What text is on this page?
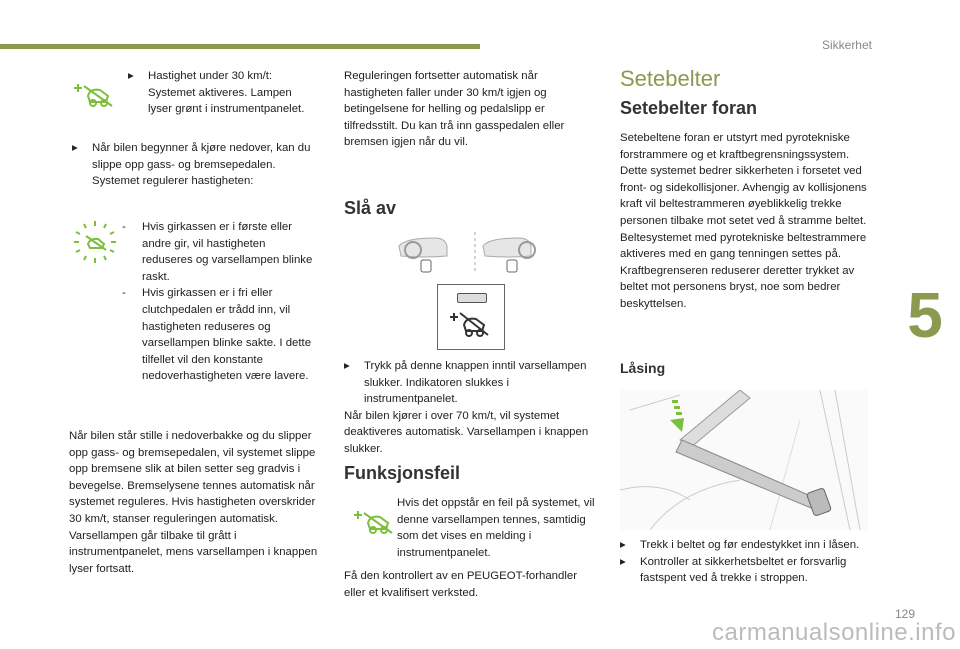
Sikkerhet
5
129
▸	Hastighet under 30 km/t:
Systemet aktiveres. Lampen lyser grønt i instrumentpanelet.
▸	Når bilen begynner å kjøre nedover, kan du slippe opp gass- og bremsepedalen. Systemet regulerer hastigheten:
-	Hvis girkassen er i første eller andre gir, vil hastigheten reduseres og varsellampen blinke raskt.
-	Hvis girkassen er i fri eller clutchpedalen er trådd inn, vil hastigheten reduseres og varsellampen blinke sakte. I dette tilfellet vil den konstante nedoverhastigheten være lavere.
Når bilen står stille i nedoverbakke og du slipper opp gass- og bremsepedalen, vil systemet slippe opp bremsene slik at bilen setter seg gradvis i bevegelse. Bremselysene tennes automatisk når systemet reguleres. Hvis hastigheten overskrider 30 km/t, stanser reguleringen automatisk. Varsellampen går tilbake til grått i instrumentpanelet, mens varsellampen i knappen lyser fortsatt.
Reguleringen fortsetter automatisk når hastigheten faller under 30 km/t igjen og betingelsene for helling og pedalslipp er tilfredsstilt. Du kan trå inn gasspedalen eller bremsen igjen når du vil.
Slå av
▸	Trykk på denne knappen inntil varsellampen slukker. Indikatoren slukkes i instrumentpanelet.
Når bilen kjører i over 70 km/t, vil systemet deaktiveres automatisk. Varsellampen i knappen slukker.
Funksjonsfeil
Hvis det oppstår en feil på systemet, vil denne varsellampen tennes, samtidig som det vises en melding i instrumentpanelet.
Få den kontrollert av en PEUGEOT-forhandler eller et kvalifisert verksted.
Setebelter
Setebelter foran
Setebeltene foran er utstyrt med pyrotekniske forstrammere og et kraftbegrensningssystem. Dette systemet bedrer sikkerheten i forsetet ved front- og sidekollisjoner. Avhengig av kollisjonens kraft vil beltestrammeren øyeblikkelig trekke personen tilbake mot setet ved å stramme beltet. Beltesystemet med pyrotekniske beltestrammere aktiveres med en gang tenningen settes på. Kraftbegrenseren reduserer deretter trykket av beltet mot personens bryst, noe som bedrer beskyttelsen.
Låsing
▸	Trekk i beltet og før endestykket inn i låsen.
▸	Kontroller at sikkerhetsbeltet er forsvarlig fastspent ved å trekke i stroppen.
carmanualsonline.info
